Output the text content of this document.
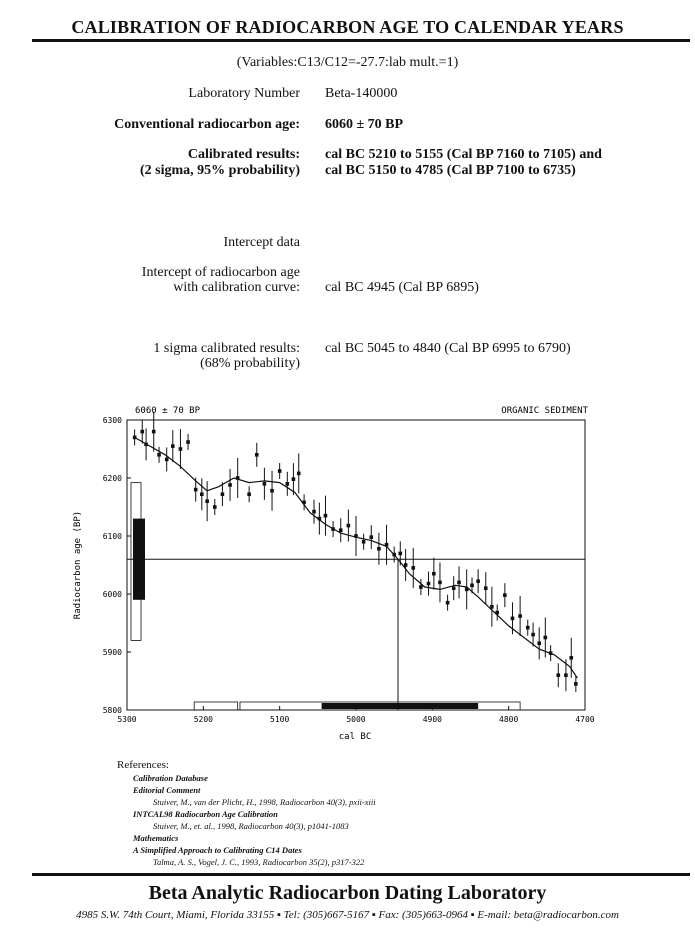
CALIBRATION OF RADIOCARBON AGE TO CALENDAR YEARS
(Variables:C13/C12=-27.7:lab mult.=1)
Laboratory Number Beta-140000
Conventional radiocarbon age: 6060 ± 70 BP
Calibrated results:
(2 sigma, 95% probability)
cal BC 5210 to 5155 (Cal BP 7160 to 7105) and
cal BC 5150 to 4785 (Cal BP 7100 to 6735)
Intercept data
Intercept of radiocarbon age
with calibration curve: cal BC 4945 (Cal BP 6895)
1 sigma calibrated results:
(68% probability)
cal BC 5045 to 4840 (Cal BP 6995 to 6790)
6060 ± 70 BP	ORGANIC SEDIMENT
Radiocarbon age (BP)
cal BC
5300	5200	5100	5000	4900	4800	4700
6300
6200
6100
6000
5900
5800
References:
Calibration Database
Editorial Comment
Stuiver, M., van der Plicht, H., 1998, Radiocarbon 40(3), pxii-xiii
INTCAL98 Radiocarbon Age Calibration
Stuiver, M., et. al., 1998, Radiocarbon 40(3), p1041-1083
Mathematics
A Simplified Approach to Calibrating C14 Dates
Talma, A. S., Vogel, J. C., 1993, Radiocarbon 35(2), p317-322
Beta Analytic Radiocarbon Dating Laboratory
4985 S.W. 74th Court, Miami, Florida 33155 ▪ Tel: (305)667-5167 ▪ Fax: (305)663-0964 ▪ E-mail: beta@radiocarbon.com
